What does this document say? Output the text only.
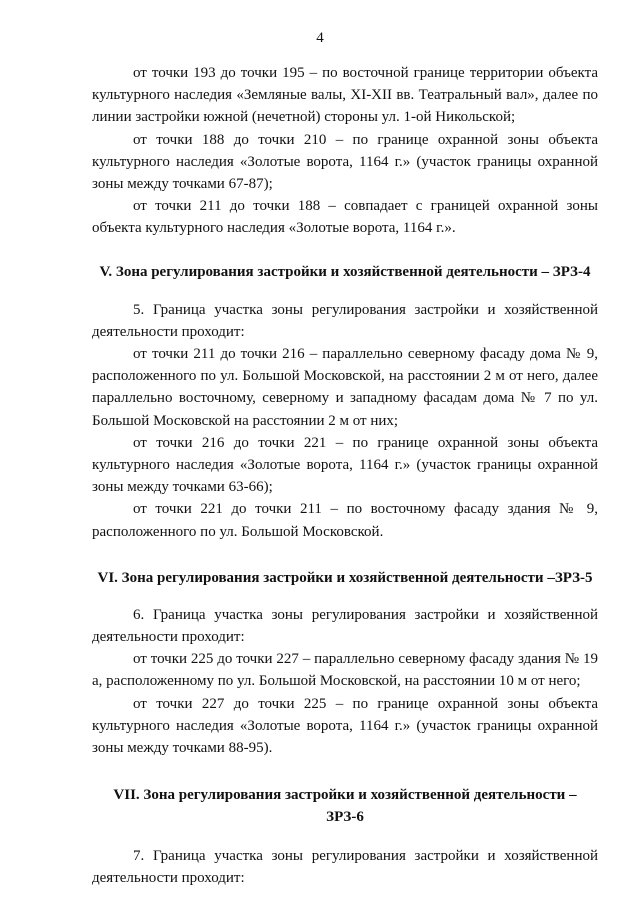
4

от точки 193 до точки 195 – по восточной границе территории объекта культурного наследия «Земляные валы, XI-XII вв. Театральный вал», далее по линии застройки южной (нечетной) стороны ул. 1-ой Никольской;

от точки 188 до точки 210 – по границе охранной зоны объекта культурного наследия «Золотые ворота, 1164 г.» (участок границы охранной зоны между точками 67-87);

от точки 211 до точки 188 – совпадает с границей охранной зоны объекта культурного наследия «Золотые ворота, 1164 г.».

V. Зона регулирования застройки и хозяйственной деятельности – ЗРЗ-4

5. Граница участка зоны регулирования застройки и хозяйственной деятельности проходит:

от точки 211 до точки 216 – параллельно северному фасаду дома № 9, расположенного по ул. Большой Московской, на расстоянии 2 м от него, далее параллельно восточному, северному и западному фасадам дома № 7 по ул. Большой Московской на расстоянии 2 м от них;

от точки 216 до точки 221 – по границе охранной зоны объекта культурного наследия «Золотые ворота, 1164 г.» (участок границы охранной зоны между точками 63-66);

от точки 221 до точки 211 – по восточному фасаду здания № 9, расположенного по ул. Большой Московской.

VI. Зона регулирования застройки и хозяйственной деятельности –ЗРЗ-5

6. Граница участка зоны регулирования застройки и хозяйственной деятельности проходит:

от точки 225 до точки 227 – параллельно северному фасаду здания № 19 а, расположенному по ул. Большой Московской, на расстоянии 10 м от него;

от точки 227 до точки 225 – по границе охранной зоны объекта культурного наследия «Золотые ворота, 1164 г.» (участок границы охранной зоны между точками 88-95).

VII. Зона регулирования застройки и хозяйственной деятельности – ЗРЗ-6

7. Граница участка зоны регулирования застройки и хозяйственной деятельности проходит:
